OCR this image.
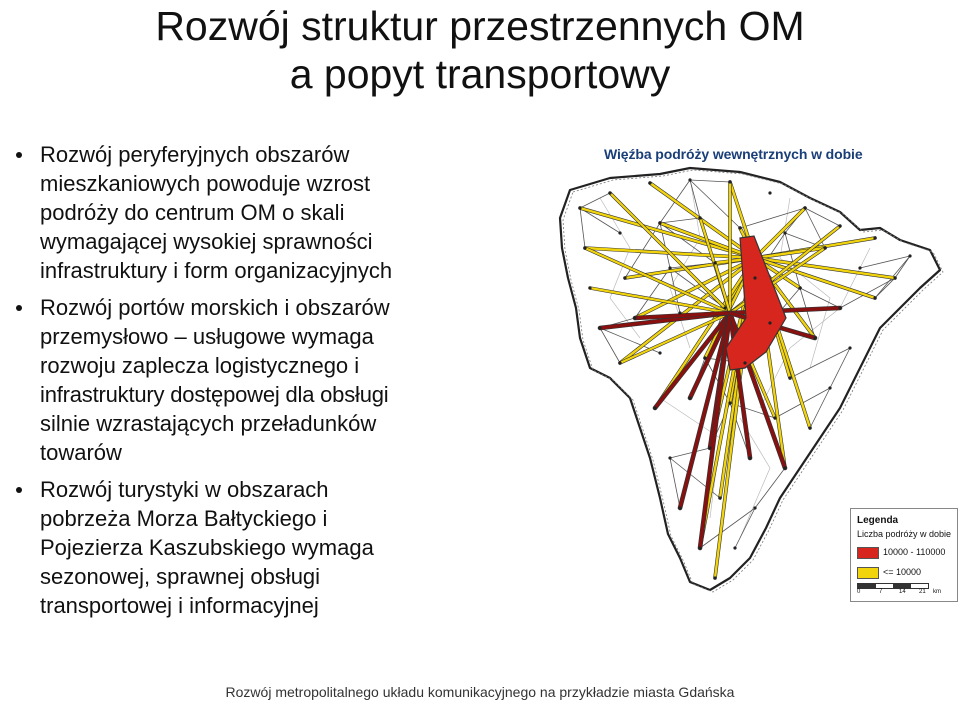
Rozwój struktur przestrzennych OM
a popyt transportowy
Rozwój peryferyjnych obszarów
mieszkaniowych powoduje wzrost
podróży do centrum OM o skali
wymagającej wysokiej sprawności
infrastruktury i form organizacyjnych
Rozwój portów morskich i obszarów
przemysłowo – usługowe wymaga
rozwoju zaplecza logistycznego i
infrastruktury dostępowej dla obsługi
silnie wzrastających przeładunków
towarów
Rozwój turystyki w obszarach
pobrzeża Morza Bałtyckiego i
Pojezierza Kaszubskiego wymaga
sezonowej, sprawnej obsługi
transportowej i informacyjnej
Więźba podróży wewnętrznych w dobie
Legenda
Liczba podróży w dobie
10000 - 110000
<= 10000
0	7	14 21 km
Rozwój metropolitalnego układu komunikacyjnego na przykładzie miasta Gdańska
